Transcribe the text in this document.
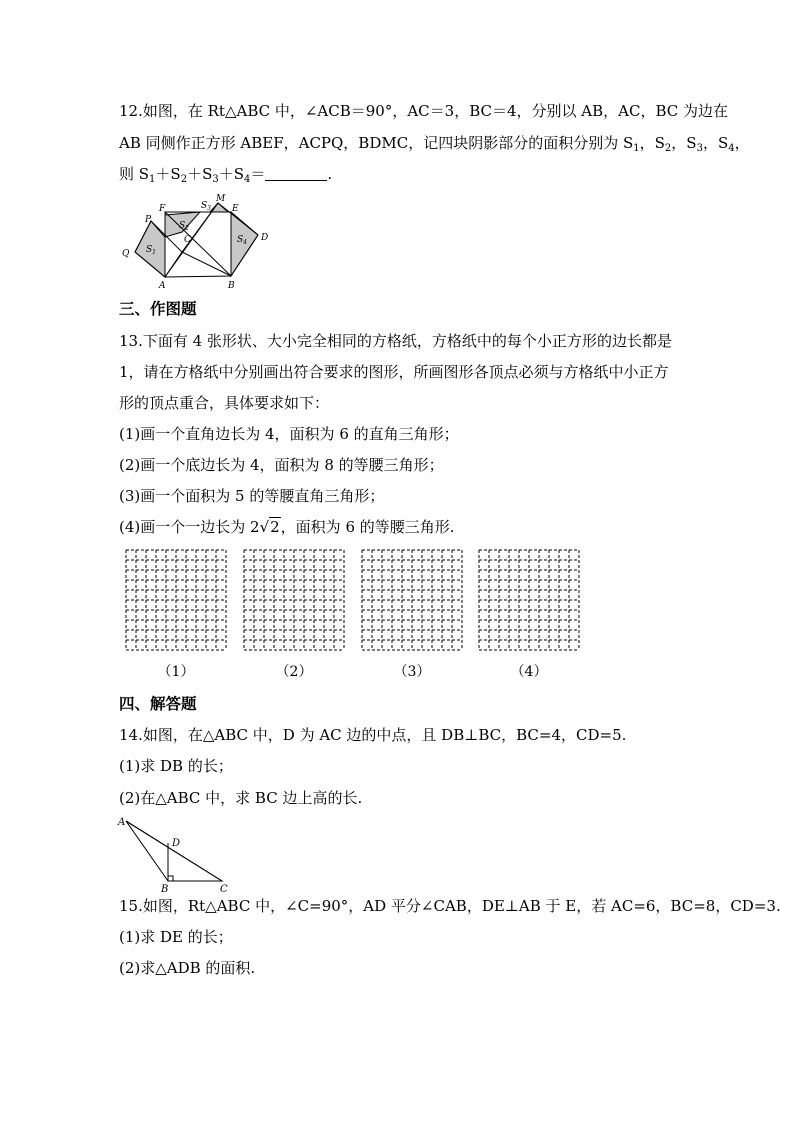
12.如图，在 Rt△ABC 中，∠ACB＝90°，AC＝3，BC＝4，分别以 AB，AC，BC 为边在
AB 同侧作正方形 ABEF，ACPQ，BDMC，记四块阴影部分的面积分别为 $S_1$，$S_2$，$S_3$，$S_4$，
则 $S_1+S_2+S_3+S_4=$	.
P
F
$S_2$
$S_3$
M
E
C
$S_1$
$S_4$ D
Q
A	B
三、作图题
13.下面有 4 张形状、大小完全相同的方格纸，方格纸中的每个小正方形的边长都是
1，请在方格纸中分别画出符合要求的图形，所画图形各顶点必须与方格纸中小正方
形的顶点重合，具体要求如下：
(1)画一个直角边长为 4，面积为 6 的直角三角形；
(2)画一个底边长为 4，面积为 8 的等腰三角形；
(3)画一个面积为 5 的等腰直角三角形；
(4)画一个一边长为 2√2，面积为 6 的等腰三角形.
（1）	（2）	（3）	（4）
四、解答题
14.如图，在△ABC 中，D 为 AC 边的中点，且 DB⊥BC，BC=4，CD=5.
(1)求 DB 的长；
(2)在△ABC 中，求 BC 边上高的长.
A
D
B	C
15.如图，Rt△ABC 中，∠C=90°，AD 平分∠CAB，DE⊥AB 于 E，若 AC=6，BC=8，CD=3.
(1)求 DE 的长；
(2)求△ADB 的面积.
